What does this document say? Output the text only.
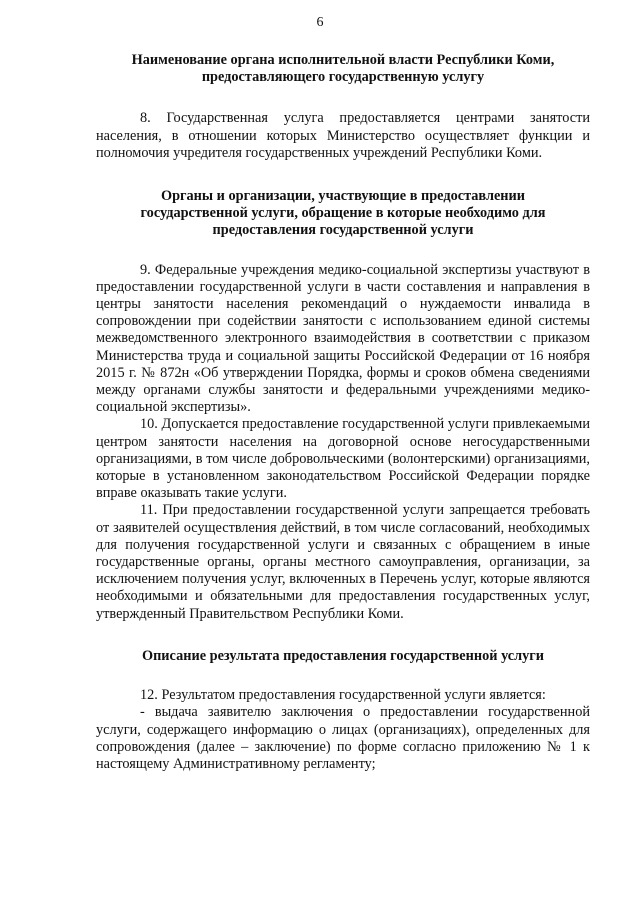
6
Наименование органа исполнительной власти Республики Коми,
предоставляющего государственную услугу

8. Государственная услуга предоставляется центрами занятости населения, в отношении которых Министерство осуществляет функции и полномочия учредителя государственных учреждений Республики Коми.

Органы и организации, участвующие в предоставлении
государственной услуги, обращение в которые необходимо для
предоставления государственной услуги

9. Федеральные учреждения медико-социальной экспертизы участвуют в предоставлении государственной услуги в части составления и направления в центры занятости населения рекомендаций о нуждаемости инвалида в сопровождении при содействии занятости с использованием единой системы межведомственного электронного взаимодействия в соответствии с приказом Министерства труда и социальной защиты Российской Федерации от 16 ноября 2015 г. № 872н «Об утверждении Порядка, формы и сроков обмена сведениями между органами службы занятости и федеральными учреждениями медико-социальной экспертизы».

10. Допускается предоставление государственной услуги привлекаемыми центром занятости населения на договорной основе негосударственными организациями, в том числе добровольческими (волонтерскими) организациями, которые в установленном законодательством Российской Федерации порядке вправе оказывать такие услуги.

11. При предоставлении государственной услуги запрещается требовать от заявителей осуществления действий, в том числе согласований, необходимых для получения государственной услуги и связанных с обращением в иные государственные органы, органы местного самоуправления, организации, за исключением получения услуг, включенных в Перечень услуг, которые являются необходимыми и обязательными для предоставления государственных услуг, утвержденный Правительством Республики Коми.

Описание результата предоставления государственной услуги

12. Результатом предоставления государственной услуги является:

- выдача заявителю заключения о предоставлении государственной услуги, содержащего информацию о лицах (организациях), определенных для сопровождения (далее – заключение) по форме согласно приложению № 1 к настоящему Административному регламенту;
